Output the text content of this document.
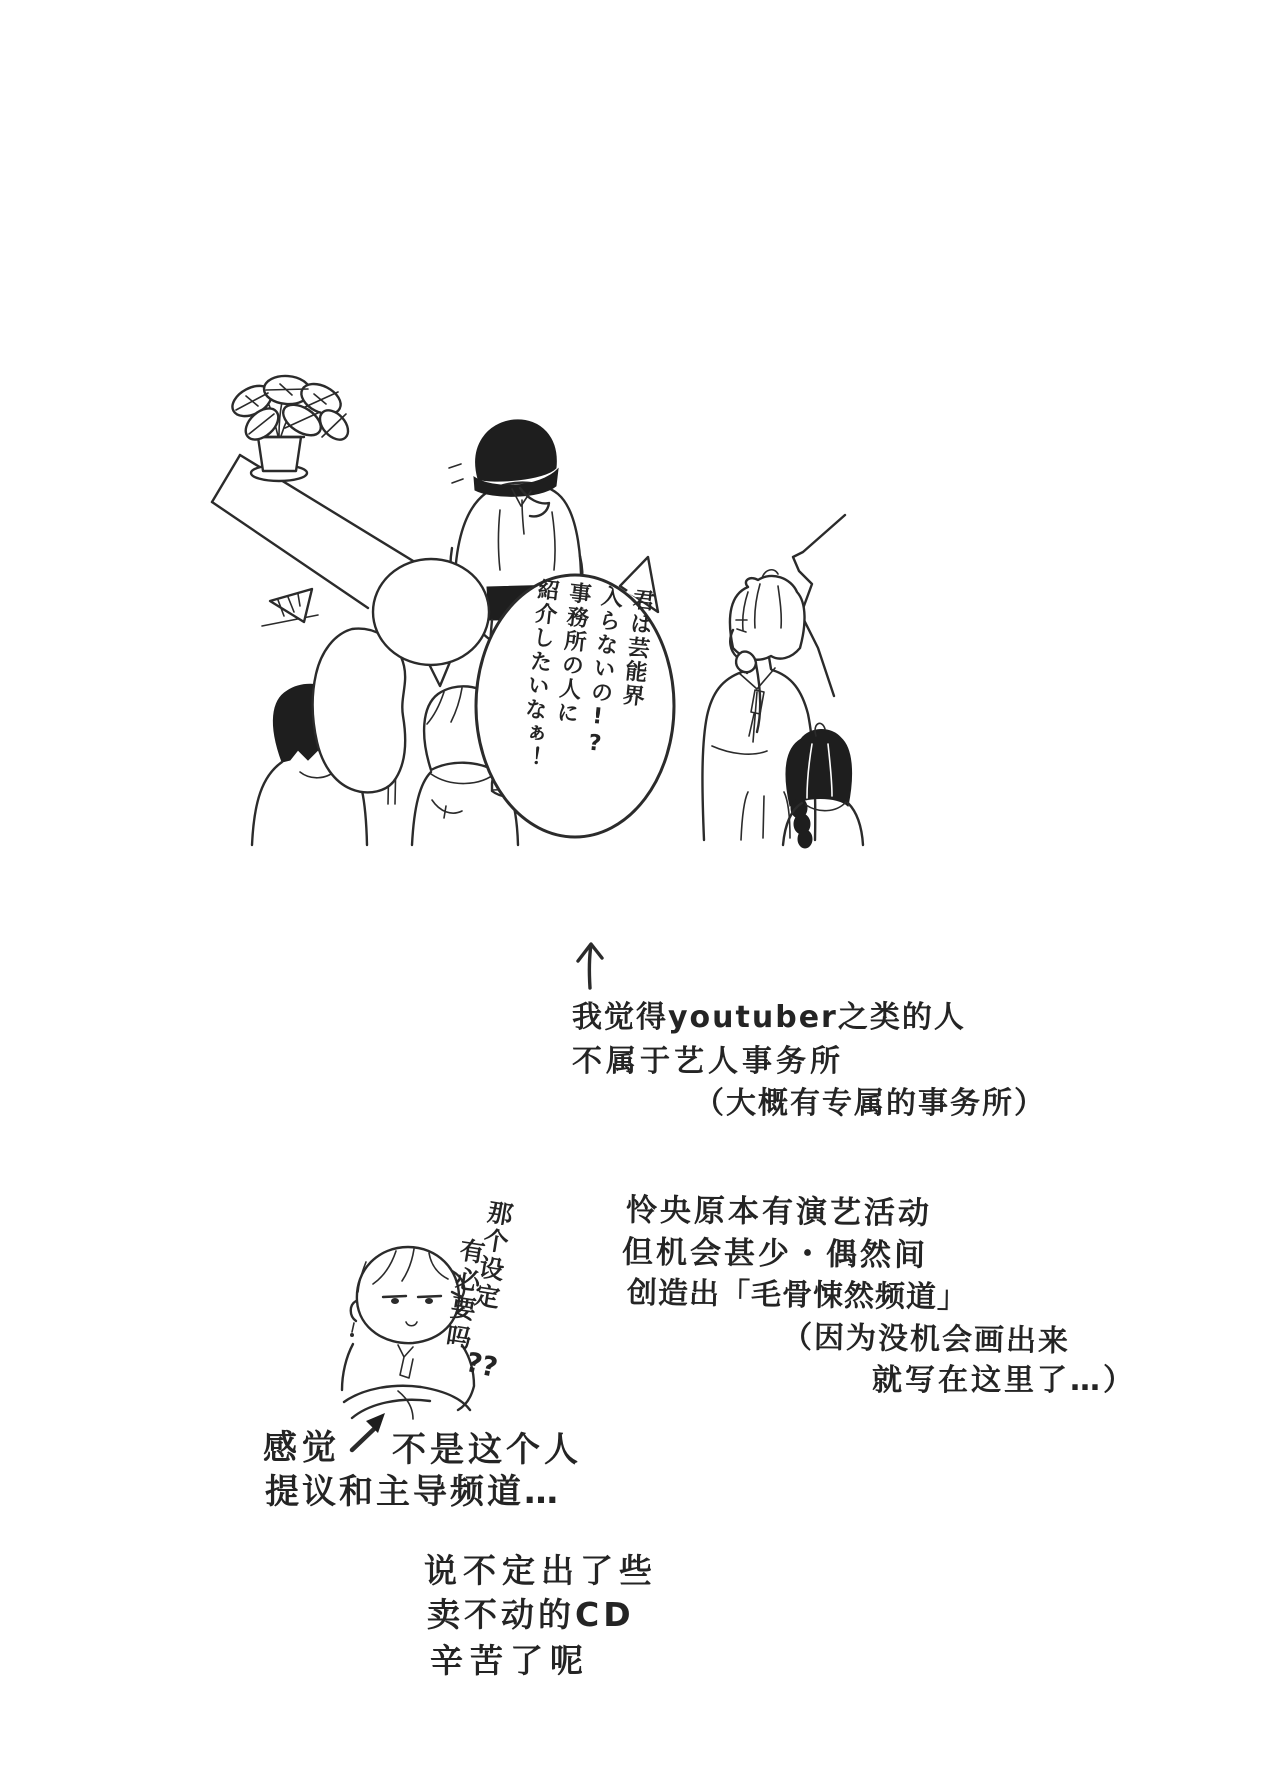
君は芸能界
入らないの!?
事務所の人に
紹介したいなぁ！
我觉得youtuber之类的人
不属于艺人事务所
（大概有专属的事务所）
怜央原本有演艺活动
但机会甚少・偶然间
创造出「毛骨悚然频道」
（因为没机会画出来
就写在这里了…）
那个设定
有必要吗
??
感觉 不是这个人
提议和主导频道…
说不定出了些
卖不动的CD
辛苦了呢
